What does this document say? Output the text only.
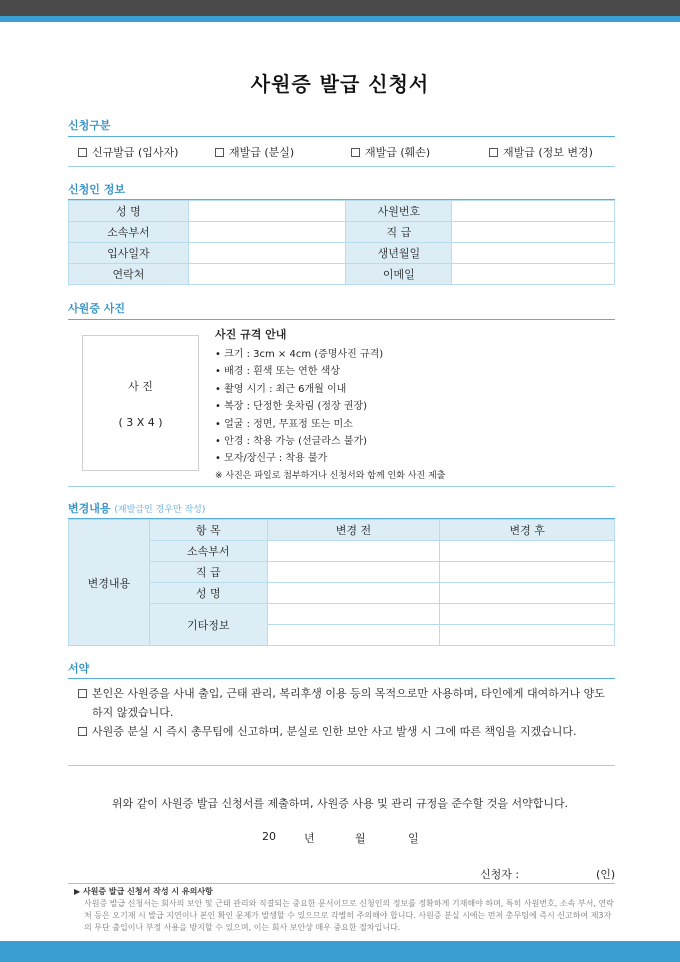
사원증 발급 신청서
신청구분
신규발급 (입사자)	재발급 (분실)	재발급 (훼손)	재발급 (정보 변경)
신청인 정보
성 명		사원번호	
소속부서		직 급	
입사일자		생년월일	
연락처		이메일	
사원증 사진
사 진
( 3 X 4 )
사진 규격 안내
• 크기 : 3cm × 4cm (증명사진 규격)
• 배경 : 흰색 또는 연한 색상
• 촬영 시기 : 최근 6개월 이내
• 복장 : 단정한 옷차림 (정장 권장)
• 얼굴 : 정면, 무표정 또는 미소
• 안경 : 착용 가능 (선글라스 불가)
• 모자/장신구 : 착용 불가
※ 사진은 파일로 첨부하거나 신청서와 함께 인화 사진 제출
변경내용 (재발급인 경우만 작성)
변경내용	항 목	변경 전	변경 후
	소속부서		
	직 급		
	성 명		
	기타정보		

서약
본인은 사원증을 사내 출입, 근태 관리, 복리후생 이용 등의 목적으로만 사용하며, 타인에게 대여하거나 양도하지 않겠습니다.
사원증 분실 시 즉시 총무팀에 신고하며, 분실로 인한 보안 사고 발생 시 그에 따른 책임을 지겠습니다.
위와 같이 사원증 발급 신청서를 제출하며, 사원증 사용 및 관리 규정을 준수할 것을 서약합니다.
20	년	월	일
신청자 :	(인)
▶ 사원증 발급 신청서 작성 시 유의사항
사원증 발급 신청서는 회사의 보안 및 근태 관리와 직결되는 중요한 문서이므로 신청인의 정보를 정확하게 기재해야 하며, 특히 사원번호, 소속 부서, 연락처 등은 오기재 시 발급 지연이나 본인 확인 문제가 발생할 수 있으므로 각별히 주의해야 합니다. 사원증 분실 시에는 먼저 총무팀에 즉시 신고하여 제3자의 무단 출입이나 부정 사용을 방지할 수 있으며, 이는 회사 보안상 매우 중요한 절차입니다.
